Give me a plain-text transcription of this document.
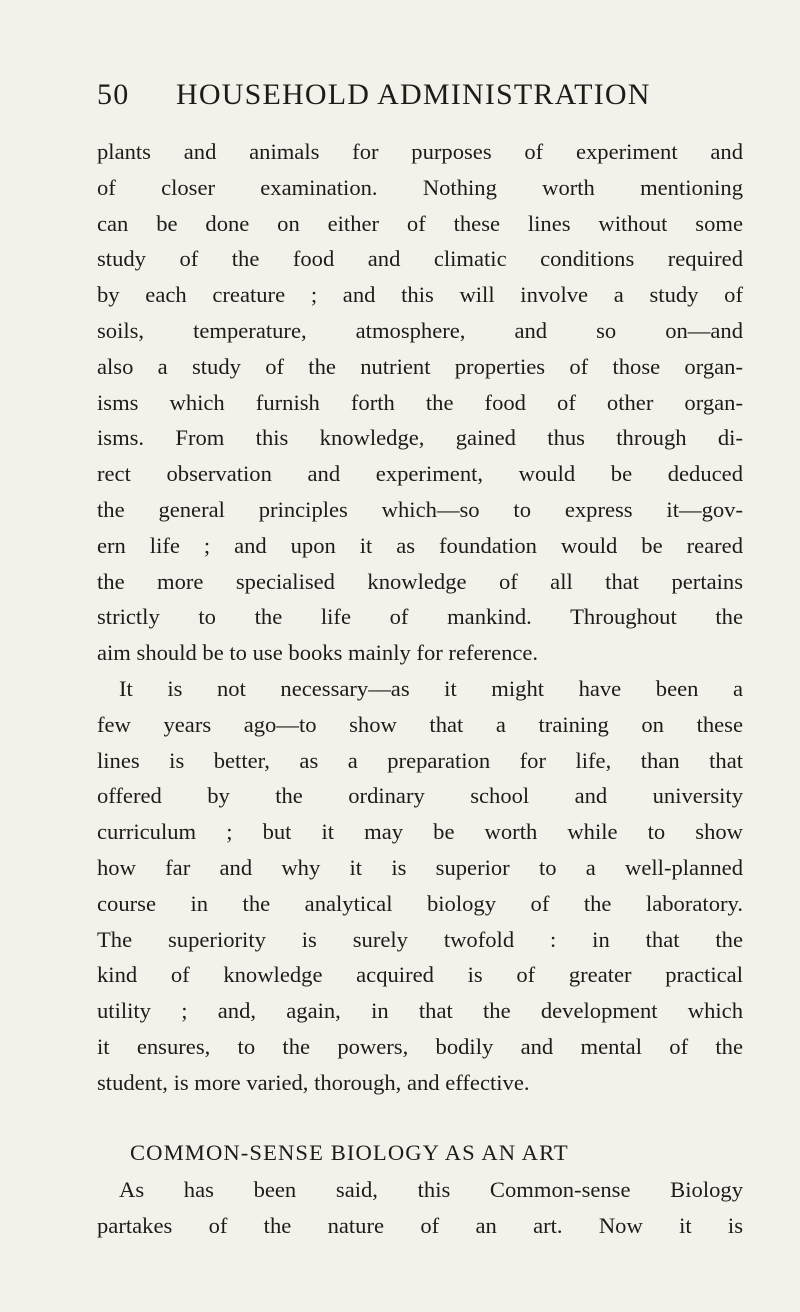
50	HOUSEHOLD ADMINISTRATION
plants and animals for purposes of experiment and
of closer examination. Nothing worth mentioning
can be done on either of these lines without some
study of the food and climatic conditions required
by each creature ; and this will involve a study of
soils, temperature, atmosphere, and so on—and
also a study of the nutrient properties of those organ-
isms which furnish forth the food of other organ-
isms. From this knowledge, gained thus through di-
rect observation and experiment, would be deduced
the general principles which—so to express it—gov-
ern life ; and upon it as foundation would be reared
the more specialised knowledge of all that pertains
strictly to the life of mankind. Throughout the
aim should be to use books mainly for reference.
It is not necessary—as it might have been a
few years ago—to show that a training on these
lines is better, as a preparation for life, than that
offered by the ordinary school and university
curriculum ; but it may be worth while to show
how far and why it is superior to a well-planned
course in the analytical biology of the laboratory.
The superiority is surely twofold : in that the
kind of knowledge acquired is of greater practical
utility ; and, again, in that the development which
it ensures, to the powers, bodily and mental of the
student, is more varied, thorough, and effective.
COMMON-SENSE BIOLOGY AS AN ART
As has been said, this Common-sense Biology
partakes of the nature of an art. Now it is
